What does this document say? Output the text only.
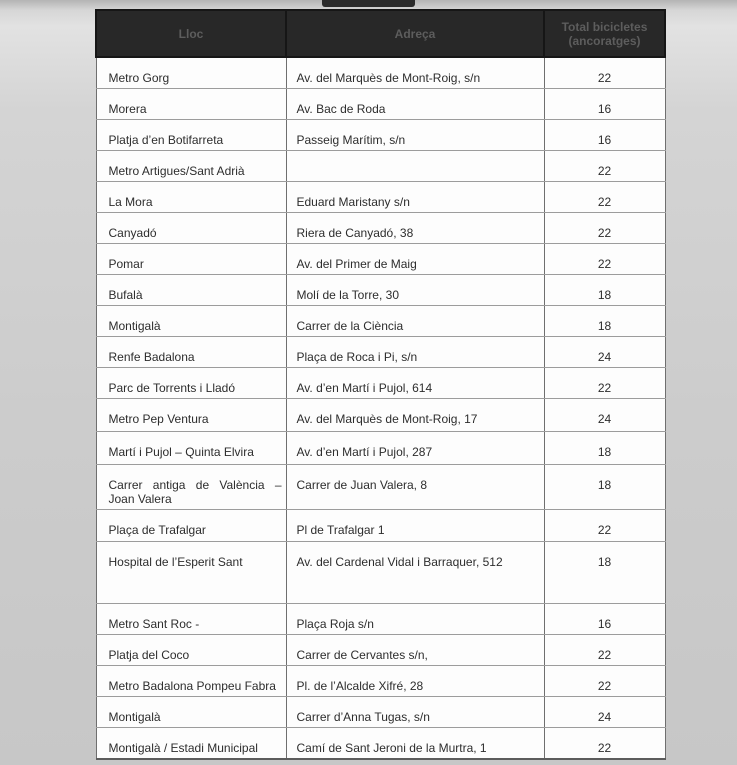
Lloc	Adreça	Total bicicletes (ancoratges)
Metro Gorg	Av. del Marquès de Mont-Roig, s/n	22
Morera	Av. Bac de Roda	16
Platja d’en Botifarreta	Passeig Marítim, s/n	16
Metro Artigues/Sant Adrià		22
La Mora	Eduard Maristany s/n	22
Canyadó	Riera de Canyadó, 38	22
Pomar	Av. del Primer de Maig	22
Bufalà	Molí de la Torre, 30	18
Montigalà	Carrer de la Ciència	18
Renfe Badalona	Plaça de Roca i Pi, s/n	24
Parc de Torrents i Lladó	Av. d’en Martí i Pujol, 614	22
Metro Pep Ventura	Av. del Marquès de Mont-Roig, 17	24
Martí i Pujol – Quinta Elvira	Av. d’en Martí i Pujol, 287	18
Carrer antiga de València – Joan Valera	Carrer de Juan Valera, 8	18
Plaça de Trafalgar	Pl de Trafalgar 1	22
Hospital de l’Esperit Sant	Av. del Cardenal Vidal i Barraquer, 512	18
Metro Sant Roc -	Plaça Roja s/n	16
Platja del Coco	Carrer de Cervantes s/n,	22
Metro Badalona Pompeu Fabra	Pl. de l’Alcalde Xifré, 28	22
Montigalà	Carrer d’Anna Tugas, s/n	24
Montigalà / Estadi Municipal	Camí de Sant Jeroni de la Murtra, 1	22
